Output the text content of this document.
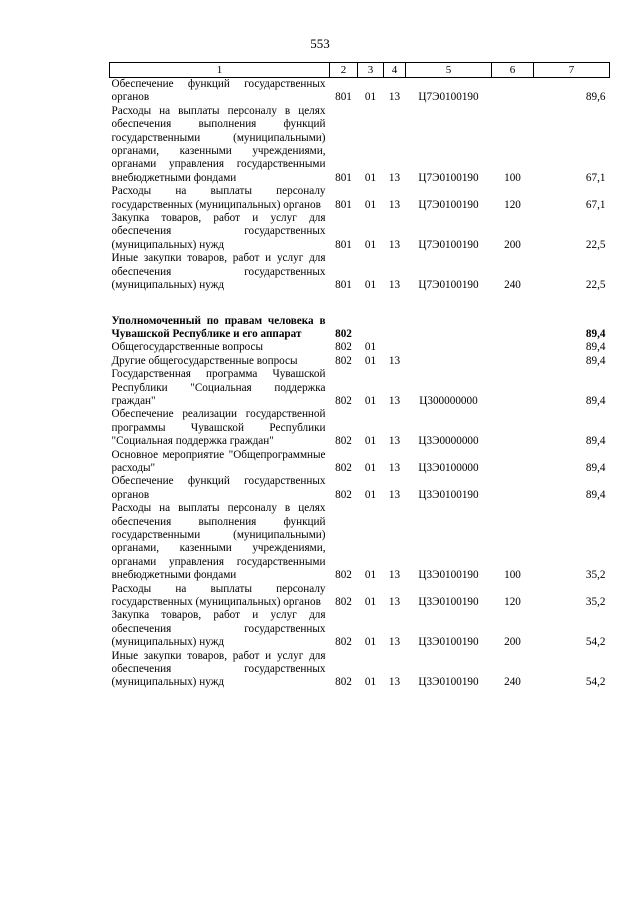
553
1	2	3	4	5	6	7
Обеспечение функций государственных органов	801	01	13	Ц7Э0100190		89,6
Расходы на выплаты персоналу в целях обеспечения выполнения функций государственными (муниципальными) органами, казенными учреждениями, органами управления государственными внебюджетными фондами	801	01	13	Ц7Э0100190	100	67,1
Расходы на выплаты персоналу государственных (муниципальных) органов	801	01	13	Ц7Э0100190	120	67,1
Закупка товаров, работ и услуг для обеспечения государственных (муниципальных) нужд	801	01	13	Ц7Э0100190	200	22,5
Иные закупки товаров, работ и услуг для обеспечения государственных (муниципальных) нужд	801	01	13	Ц7Э0100190	240	22,5

Уполномоченный по правам человека в Чувашской Республике и его аппарат	802					89,4
Общегосударственные вопросы	802	01				89,4
Другие общегосударственные вопросы	802	01	13			89,4
Государственная программа Чувашской Республики "Социальная поддержка граждан"	802	01	13	Ц300000000		89,4
Обеспечение реализации государственной программы Чувашской Республики "Социальная поддержка граждан"	802	01	13	Ц3Э0000000		89,4
Основное мероприятие "Общепрограммные расходы"	802	01	13	Ц3Э0100000		89,4
Обеспечение функций государственных органов	802	01	13	Ц3Э0100190		89,4
Расходы на выплаты персоналу в целях обеспечения выполнения функций государственными (муниципальными) органами, казенными учреждениями, органами управления государственными внебюджетными фондами	802	01	13	Ц3Э0100190	100	35,2
Расходы на выплаты персоналу государственных (муниципальных) органов	802	01	13	Ц3Э0100190	120	35,2
Закупка товаров, работ и услуг для обеспечения государственных (муниципальных) нужд	802	01	13	Ц3Э0100190	200	54,2
Иные закупки товаров, работ и услуг для обеспечения государственных (муниципальных) нужд	802	01	13	Ц3Э0100190	240	54,2
